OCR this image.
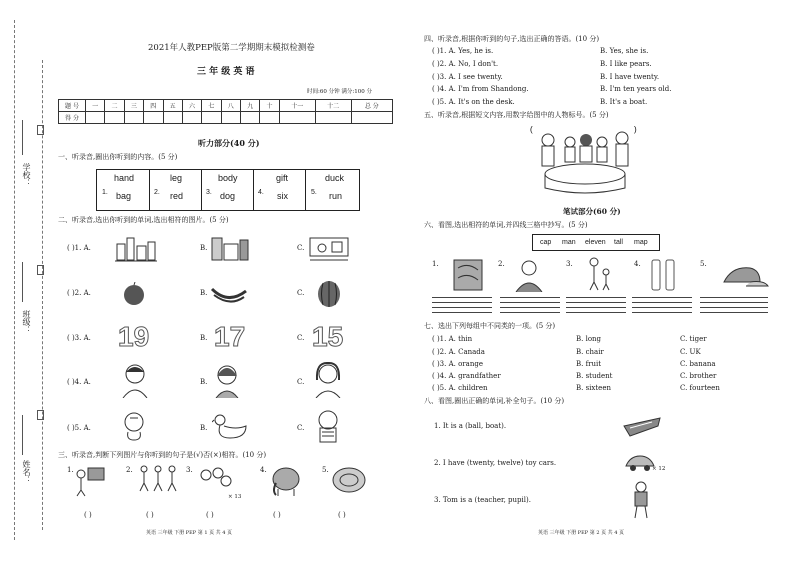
学校：
班级：
姓名：
2021年人教PEP版第二学期期末模拟检测卷
三 年 级 英 语
时间:60 分钟 满分:100 分
题 号	一	二	三	四	五	六	七	八	九	十	十一	十二	总 分
得 分													
听力部分(40 分)
一、听录音,圈出你听到的内容。(5 分)
1.
hand
bag	2.
leg
red	3.
body
dog	4.
gift
six	5.
duck
run
二、听录音,选出你听到的单词,选出相符的图片。(5 分)
( )1. A.	B.	C.
( )2. A.	B.	C.
( )3. A. 19	B. 17	C. 15
( )4. A.	B.	C.
( )5. A.	B.	C.
三、听录音,判断下列图片与你听到的句子是(√)否(×)相符。(10 分)
1.	2.	3.
× 13
4.	5.
( )	( )	( )	( )	( )
英语 三年级 下册 PEP 第 1 页 共 4 页
四、听录音,根据你听到的句子,选出正确的答语。(10 分)
( )1. A. Yes, he is.	B. Yes, she is.
( )2. A. No, I don't.	B. I like pears.
( )3. A. I see twenty.	B. I have twenty.
( )4. A. I'm from Shandong.	B. I'm ten years old.
( )5. A. It's on the desk.	B. It's a boat.
五、听录音,根据短文内容,用数字给图中的人物标号。(5 分)
(	)
笔试部分(60 分)
六、看图,选出相符的单词,并四线三格中抄写。(5 分)
cap man eleven tall map
1.	2.	3.	4.	5.
七、选出下列每组中不同类的一项。(5 分)
( )1. A. thin	B. long	C. tiger
( )2. A. Canada	B. chair	C. UK
( )3. A. orange	B. fruit	C. banana
( )4. A. grandfather	B. student	C. brother
( )5. A. children	B. sixteen	C. fourteen
八、看图,圈出正确的单词,补全句子。(10 分)
1. It is a (ball, boat).
2. I have (twenty, twelve) toy cars.
× 12
3. Tom is a (teacher, pupil).
英语 三年级 下册 PEP 第 2 页 共 4 页
